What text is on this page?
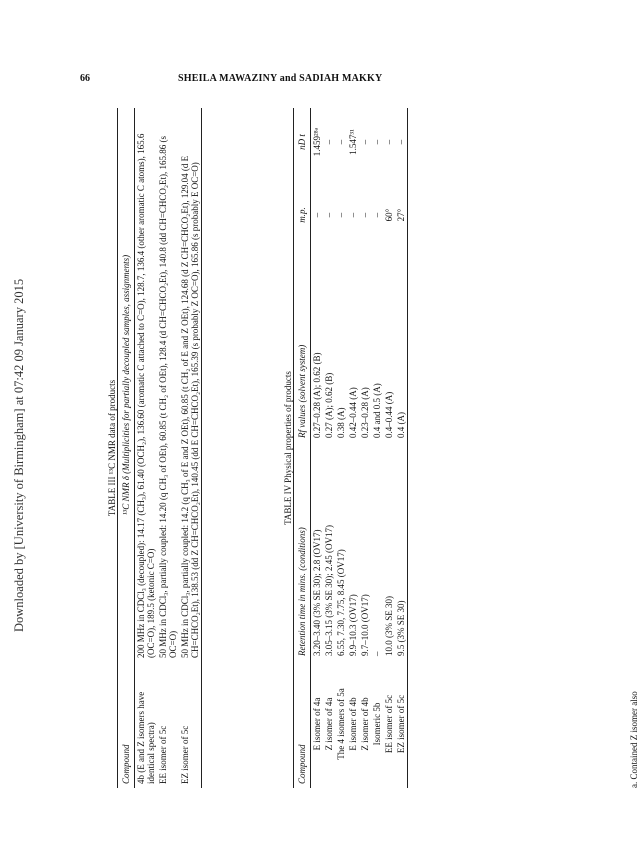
Downloaded by [University of Birmingham] at 07:42 09 January 2015
66	SHEILA MAWAZINY and SADIAH MAKKY
TABLE III ¹³C NMR data of products
Compound	¹³C NMR δ (Multiplicities for partially decoupled samples, assignments)
4b (E and Z isomers have identical spectra)	200 MHz in CDCl₃ (decoupled): 14.17 (CH₃), 61.40 (OCH₂), 136.60 (aromatic C attached to C=O), 128.7, 136.4 (other aromatic C atoms), 165.6 (OC=O), 189.5 (ketonic C=O)
EE isomer of 5c	50 MHz in CDCl₃, partially coupled: 14.20 (q CH₃ of OEt), 60.85 (t CH₂ of OEt), 128.4 (d CH=CHCO₂Et), 140.8 (dd CH=CHCO₂Et), 165.86 (s OC=O)
EZ isomer of 5c	50 MHz in CDCl₃, partially coupled: 14.2 (q CH₃ of E and Z OEt), 60.85 (t CH₂ of E and Z OEt), 124.68 (d Z CH=CHCO₂Et), 129.04 (d E CH=CHCO₂Et), 138.53 (dd Z CH=CHCO₂Et), 140.45 (dd E CH=CHCO₂Et), 165.39 (s probably Z OC=O), 165.86 (s probably E OC=O)	TABLE IV Physical properties of products
Compound	Retention time in mins. (conditions)	Rf values (solvent system)	m.p.	nD t
E isomer of 4a	3.20–3.40 (3% SE 30); 2.8 (OV17)	0.27–0.28 (A); 0.62 (B)	–	1.459²⁸ᵃ
Z isomer of 4a	3.05–3.15 (3% SE 30); 2.45 (OV17)	0.27 (A); 0.62 (B)	–	–
The 4 isomers of 5a	6.55, 7.30, 7.75, 8.45 (OV17)	0.38 (A)	–	–
E isomer of 4b	9.9–10.3 (OV17)	0.42–0.44 (A)	–	1.547³¹
Z isomer of 4b	9.7–10.0 (OV17)	0.23–0.28 (A)	–	–
Isomeric 5b	–	0.4 and 0.5 (A)	–	–
EE isomer of 5c	10.0 (3% SE 30)	0.4–0.44 (A)	60°	–
EZ isomer of 5c	9.5 (3% SE 30)	0.4 (A)	27°	–
a. Contained Z isomer also
